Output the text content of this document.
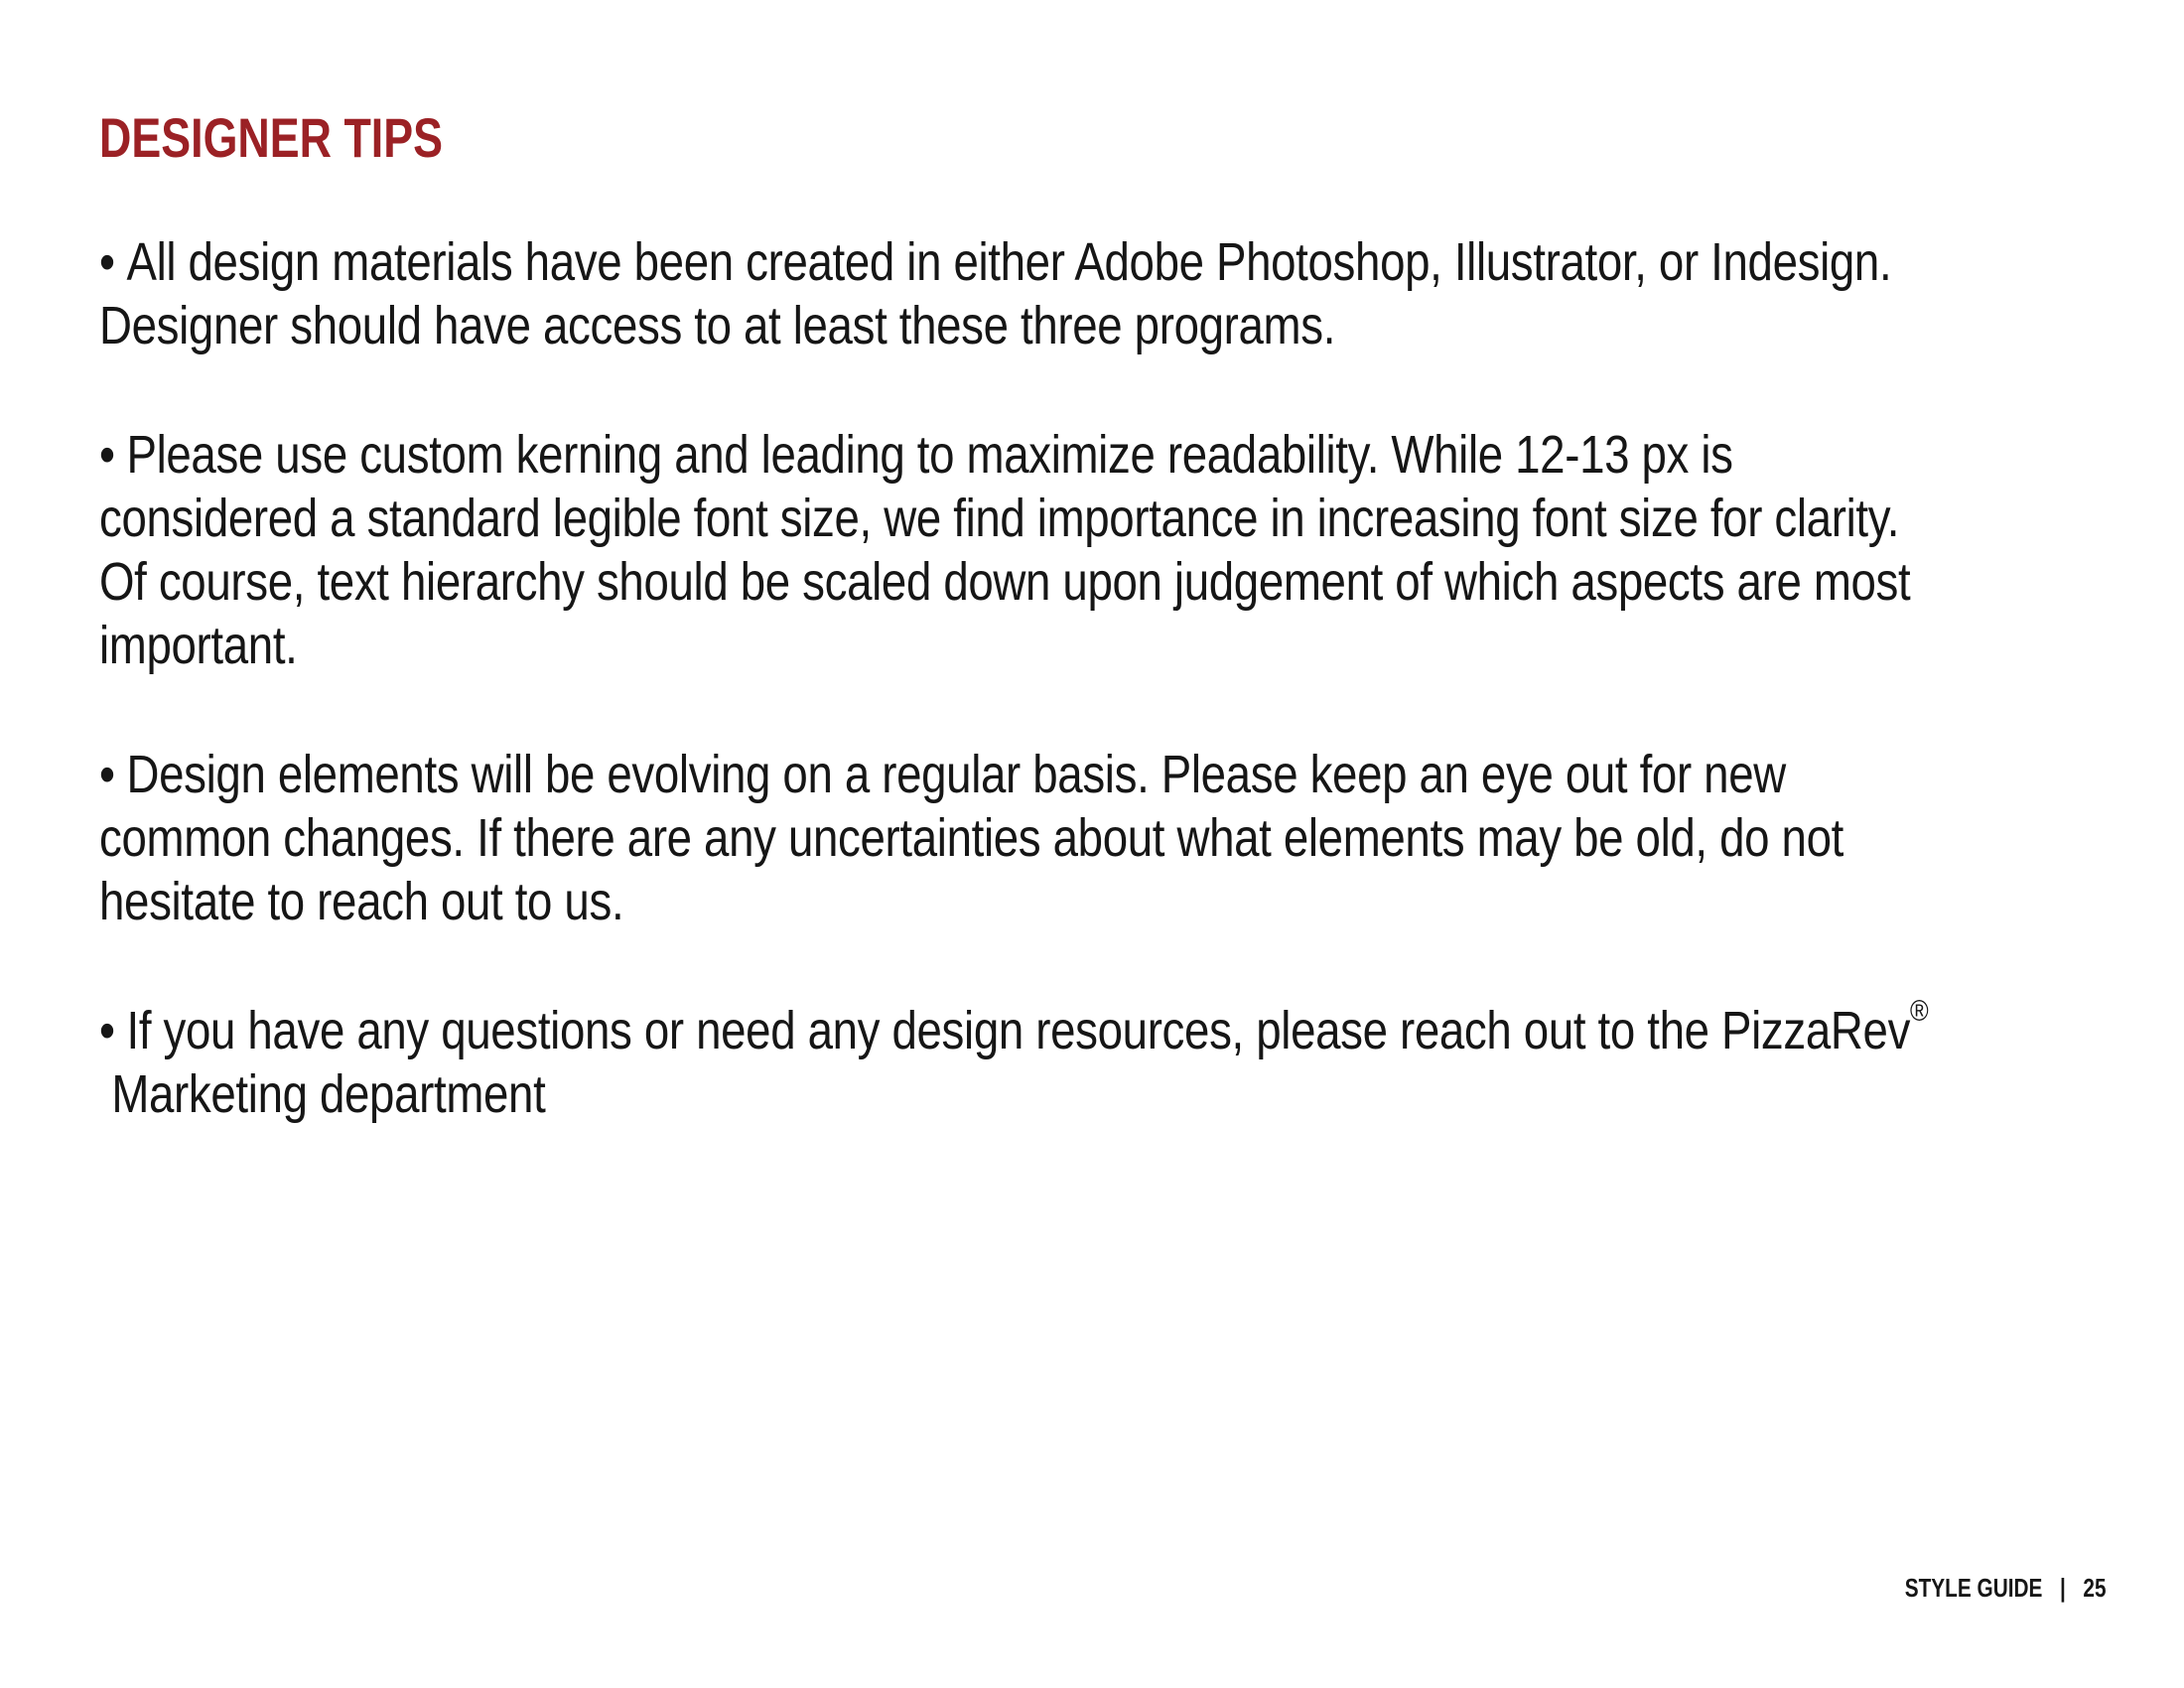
DESIGNER TIPS
• All design materials have been created in either Adobe Photoshop, Illustrator, or Indesign.
Designer should have access to at least these three programs.
• Please use custom kerning and leading to maximize readability. While 12-13 px is
considered a standard legible font size, we find importance in increasing font size for clarity.
Of course, text hierarchy should be scaled down upon judgement of which aspects are most
important.
• Design elements will be evolving on a regular basis. Please keep an eye out for new
common changes. If there are any uncertainties about what elements may be old, do not
hesitate to reach out to us.
• If you have any questions or need any design resources, please reach out to the PizzaRev®
Marketing department
STYLE GUIDE | 25
